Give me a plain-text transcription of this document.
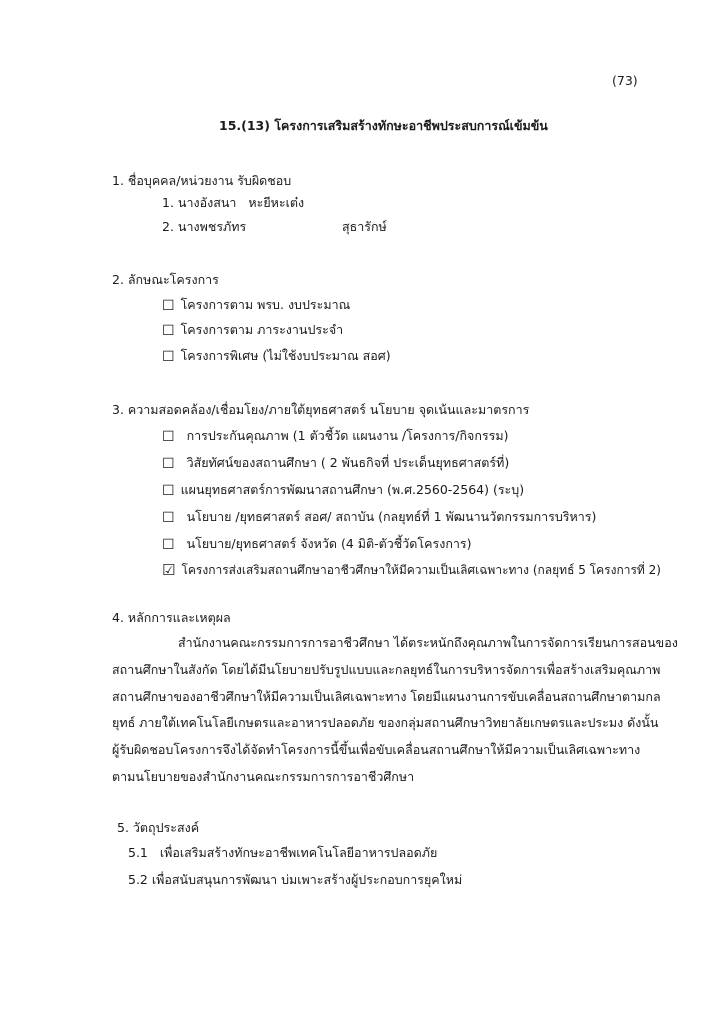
(73)
15.(13) โครงการเสริมสร้างทักษะอาชีพประสบการณ์เข้มข้น
1. ชื่อบุคคล/หน่วยงาน รับผิดชอบ
1. นางอังสนา หะยีหะเต๋ง
2. นางพชรภัทร	สุธารักษ์
2. ลักษณะโครงการ
☐ โครงการตาม พรบ. งบประมาณ
☐ โครงการตาม ภาระงานประจำ
☐ โครงการพิเศษ (ไม่ใช้งบประมาณ สอศ)
3. ความสอดคล้อง/เชื่อมโยง/ภายใต้ยุทธศาสตร์ นโยบาย จุดเน้นและมาตรการ
☐ การประกันคุณภาพ (1 ตัวชี้วัด แผนงาน /โครงการ/กิจกรรม)
☐ วิสัยทัศน์ของสถานศึกษา ( 2 พันธกิจที่ ประเด็นยุทธศาสตร์ที่)
☐ แผนยุทธศาสตร์การพัฒนาสถานศึกษา (พ.ศ.2560-2564) (ระบุ)
☐ นโยบาย /ยุทธศาสตร์ สอศ/ สถาบัน (กลยุทธ์ที่ 1 พัฒนานวัตกรรมการบริหาร)
☐ นโยบาย/ยุทธศาสตร์ จังหวัด (4 มิติ-ตัวชี้วัดโครงการ)
☑ โครงการส่งเสริมสถานศึกษาอาชีวศึกษาให้มีความเป็นเลิศเฉพาะทาง (กลยุทธ์ 5 โครงการที่ 2)
4. หลักการและเหตุผล
สำนักงานคณะกรรมการการอาชีวศึกษา ได้ตระหนักถึงคุณภาพในการจัดการเรียนการสอนของ
สถานศึกษาในสังกัด โดยได้มีนโยบายปรับรูปแบบและกลยุทธ์ในการบริหารจัดการเพื่อสร้างเสริมคุณภาพ
สถานศึกษาของอาชีวศึกษาให้มีความเป็นเลิศเฉพาะทาง โดยมีแผนงานการขับเคลื่อนสถานศึกษาตามกล
ยุทธ์ ภายใต้เทคโนโลยีเกษตรและอาหารปลอดภัย ของกลุ่มสถานศึกษาวิทยาลัยเกษตรและประมง ดังนั้น
ผู้รับผิดชอบโครงการจึงได้จัดทำโครงการนี้ขึ้นเพื่อขับเคลื่อนสถานศึกษาให้มีความเป็นเลิศเฉพาะทาง
ตามนโยบายของสำนักงานคณะกรรมการการอาชีวศึกษา
5. วัตถุประสงค์
5.1 เพื่อเสริมสร้างทักษะอาชีพเทคโนโลยีอาหารปลอดภัย
5.2 เพื่อสนับสนุนการพัฒนา บ่มเพาะสร้างผู้ประกอบการยุคใหม่
